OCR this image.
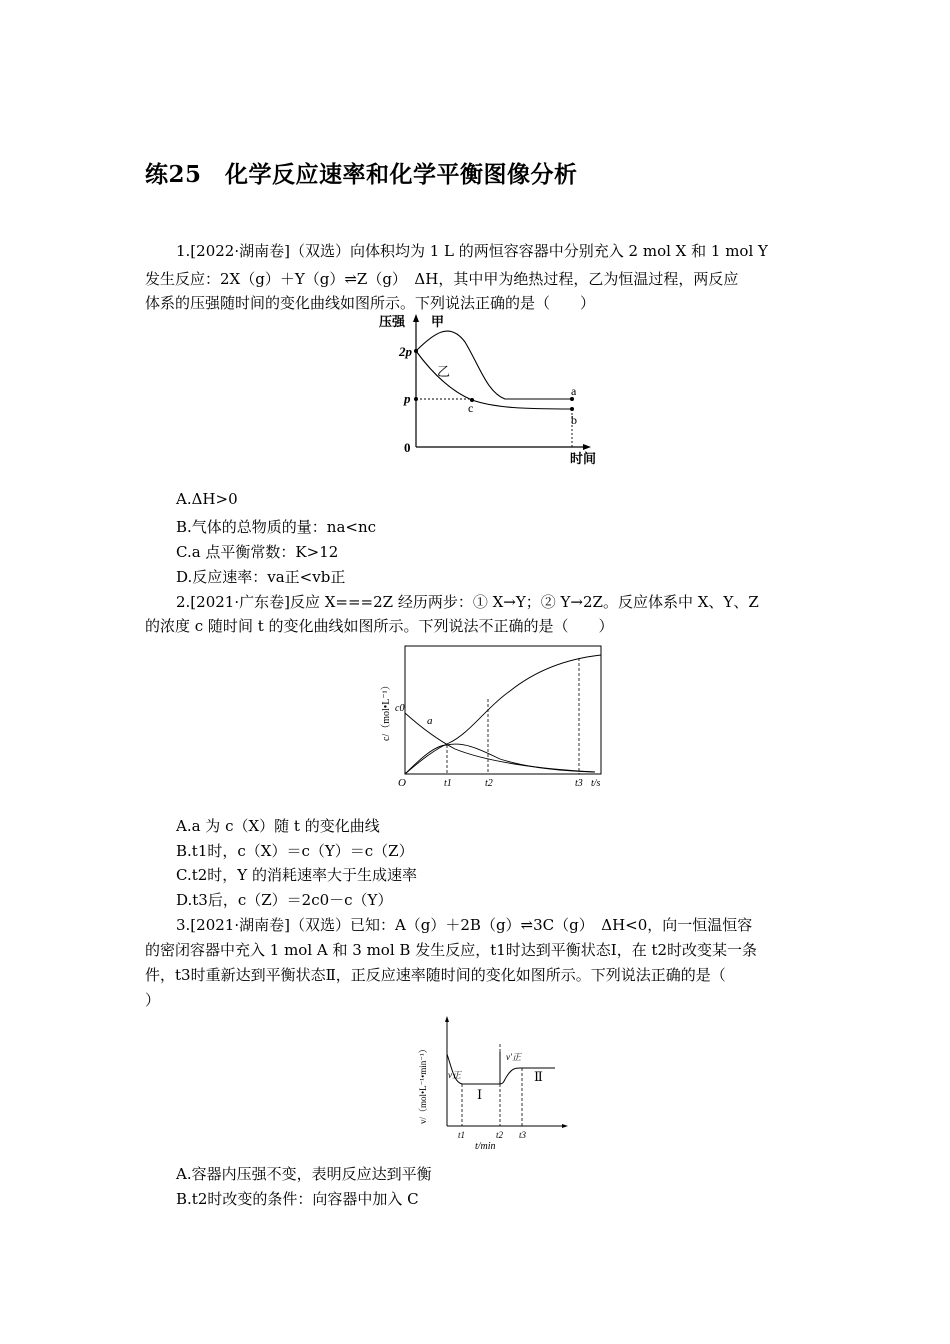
练25　化学反应速率和化学平衡图像分析
1.[2022·湖南卷]（双选）向体积均为 1 L 的两恒容容器中分别充入 2 mol X 和 1 mol Y
发生反应：2X（g）＋Y（g）⇌Z（g）　ΔH，其中甲为绝热过程，乙为恒温过程，两反应
体系的压强随时间的变化曲线如图所示。下列说法正确的是（　　）
压强 甲
2p
p
0
乙
c
a
b
时间
A.ΔH>0
B.气体的总物质的量：na<nc
C.a 点平衡常数：K>12
D.反应速率：va正<vb正
2.[2021·广东卷]反应 X===2Z 经历两步：① X→Y；② Y→2Z。反应体系中 X、Y、Z
的浓度 c 随时间 t 的变化曲线如图所示。下列说法不正确的是（　　）
c/（mol•L⁻¹） c0
a
O	t1	t2	t3 t/s
A.a 为 c（X）随 t 的变化曲线
B.t1时，c（X）＝c（Y）＝c（Z）
C.t2时，Y 的消耗速率大于生成速率
D.t3后，c（Z）＝2c0－c（Y）
3.[2021·湖南卷]（双选）已知：A（g）＋2B（g）⇌3C（g）　ΔH<0，向一恒温恒容
的密闭容器中充入 1 mol A 和 3 mol B 发生反应，t1时达到平衡状态Ⅰ，在 t2时改变某一条
件，t3时重新达到平衡状态Ⅱ，正反应速率随时间的变化如图所示。下列说法正确的是（
）
v/（mol•L⁻¹•min⁻¹） v正
v′正
Ⅰ
Ⅱ
t1	t2 t3
t/min
A.容器内压强不变，表明反应达到平衡
B.t2时改变的条件：向容器中加入 C
